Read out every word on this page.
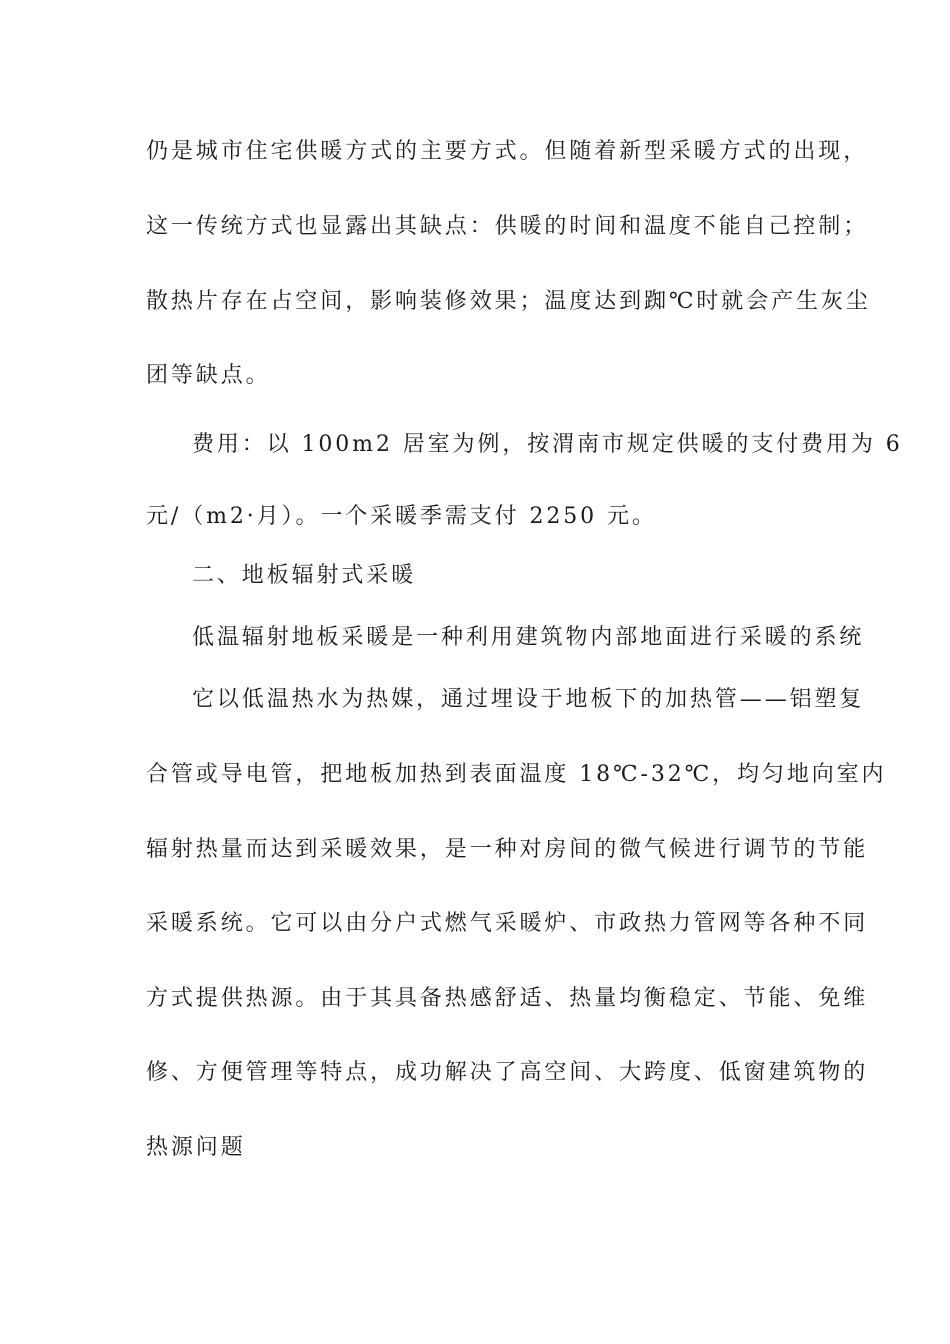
仍是城市住宅供暖方式的主要方式。但随着新型采暖方式的出现，
这一传统方式也显露出其缺点：供暖的时间和温度不能自己控制；
散热片存在占空间，影响装修效果；温度达到踟℃时就会产生灰尘
团等缺点。
费用：以 100m2 居室为例，按渭南市规定供暖的支付费用为 6
元/（m2·月）。一个采暖季需支付 2250 元。
二、地板辐射式采暖
低温辐射地板采暖是一种利用建筑物内部地面进行采暖的系统
它以低温热水为热媒，通过埋设于地板下的加热管——铝塑复
合管或导电管，把地板加热到表面温度 18℃-32℃，均匀地向室内
辐射热量而达到采暖效果，是一种对房间的微气候进行调节的节能
采暖系统。它可以由分户式燃气采暖炉、市政热力管网等各种不同
方式提供热源。由于其具备热感舒适、热量均衡稳定、节能、免维
修、方便管理等特点，成功解决了高空间、大跨度、低窗建筑物的
热源问题
